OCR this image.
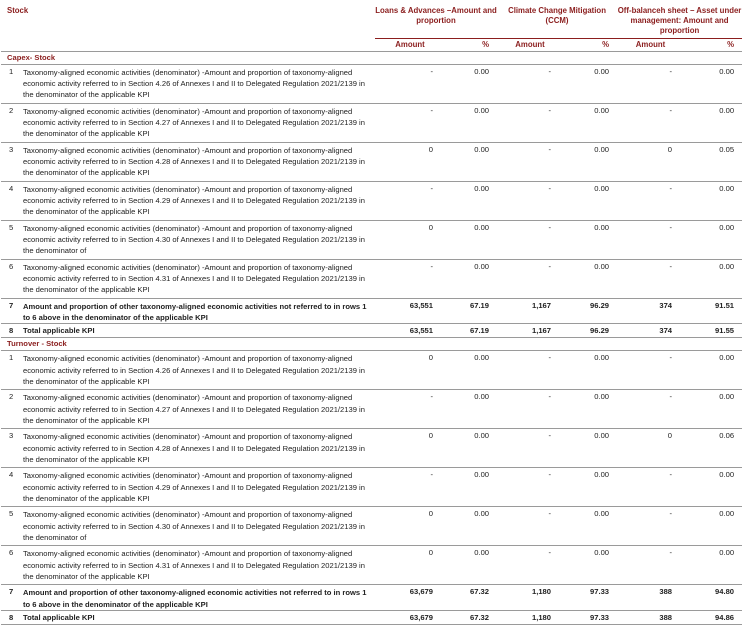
Stock		Loans & Advances –Amount and proportion		Climate Change Mitigation (CCM)		Off-balanceh sheet – Asset under management: Amount and proportion	
		Amount	%	Amount	%	Amount	%
Capex- Stock							
1	Taxonomy-aligned economic activities (denominator) -Amount and proportion of taxonomy-aligned economic activity referred to in Section 4.26 of Annexes I and II to Delegated Regulation 2021/2139 in the denominator of the applicable KPI	-	0.00	-	0.00	-	0.00
2	Taxonomy-aligned economic activities (denominator) -Amount and proportion of taxonomy-aligned economic activity referred to in Section 4.27 of Annexes I and II to Delegated Regulation 2021/2139 in the denominator of the applicable KPI	-	0.00	-	0.00	-	0.00
3	Taxonomy-aligned economic activities (denominator) -Amount and proportion of taxonomy-aligned economic activity referred to in Section 4.28 of Annexes I and II to Delegated Regulation 2021/2139 in the denominator of the applicable KPI	0	0.00	-	0.00	0	0.05
4	Taxonomy-aligned economic activities (denominator) -Amount and proportion of taxonomy-aligned economic activity referred to in Section 4.29 of Annexes I and II to Delegated Regulation 2021/2139 in the denominator of the applicable KPI	-	0.00	-	0.00	-	0.00
5	Taxonomy-aligned economic activities (denominator) -Amount and proportion of taxonomy-aligned economic activity referred to in Section 4.30 of Annexes I and II to Delegated Regulation 2021/2139 in the denominator of	0	0.00	-	0.00	-	0.00
6	Taxonomy-aligned economic activities (denominator) -Amount and proportion of taxonomy-aligned economic activity referred to in Section 4.31 of Annexes I and II to Delegated Regulation 2021/2139 in the denominator of the applicable KPI	-	0.00	-	0.00	-	0.00
7	Amount and proportion of other taxonomy-aligned economic activities not referred to in rows 1 to 6 above in the denominator of the applicable KPI	63,551	67.19	1,167	96.29	374	91.51
8	Total applicable KPI	63,551	67.19	1,167	96.29	374	91.55
Turnover - Stock							
1	Taxonomy-aligned economic activities (denominator) -Amount and proportion of taxonomy-aligned economic activity referred to in Section 4.26 of Annexes I and II to Delegated Regulation 2021/2139 in the denominator of the applicable KPI	0	0.00	-	0.00	-	0.00
2	Taxonomy-aligned economic activities (denominator) -Amount and proportion of taxonomy-aligned economic activity referred to in Section 4.27 of Annexes I and II to Delegated Regulation 2021/2139 in the denominator of the applicable KPI	-	0.00	-	0.00	-	0.00
3	Taxonomy-aligned economic activities (denominator) -Amount and proportion of taxonomy-aligned economic activity referred to in Section 4.28 of Annexes I and II to Delegated Regulation 2021/2139 in the denominator of the applicable KPI	0	0.00	-	0.00	0	0.06
4	Taxonomy-aligned economic activities (denominator) -Amount and proportion of taxonomy-aligned economic activity referred to in Section 4.29 of Annexes I and II to Delegated Regulation 2021/2139 in the denominator of the applicable KPI	-	0.00	-	0.00	-	0.00
5	Taxonomy-aligned economic activities (denominator) -Amount and proportion of taxonomy-aligned economic activity referred to in Section 4.30 of Annexes I and II to Delegated Regulation 2021/2139 in the denominator of	0	0.00	-	0.00	-	0.00
6	Taxonomy-aligned economic activities (denominator) -Amount and proportion of taxonomy-aligned economic activity referred to in Section 4.31 of Annexes I and II to Delegated Regulation 2021/2139 in the denominator of the applicable KPI	0	0.00	-	0.00	-	0.00
7	Amount and proportion of other taxonomy-aligned economic activities not referred to in rows 1 to 6 above in the denominator of the applicable KPI	63,679	67.32	1,180	97.33	388	94.80
8	Total applicable KPI	63,679	67.32	1,180	97.33	388	94.86
